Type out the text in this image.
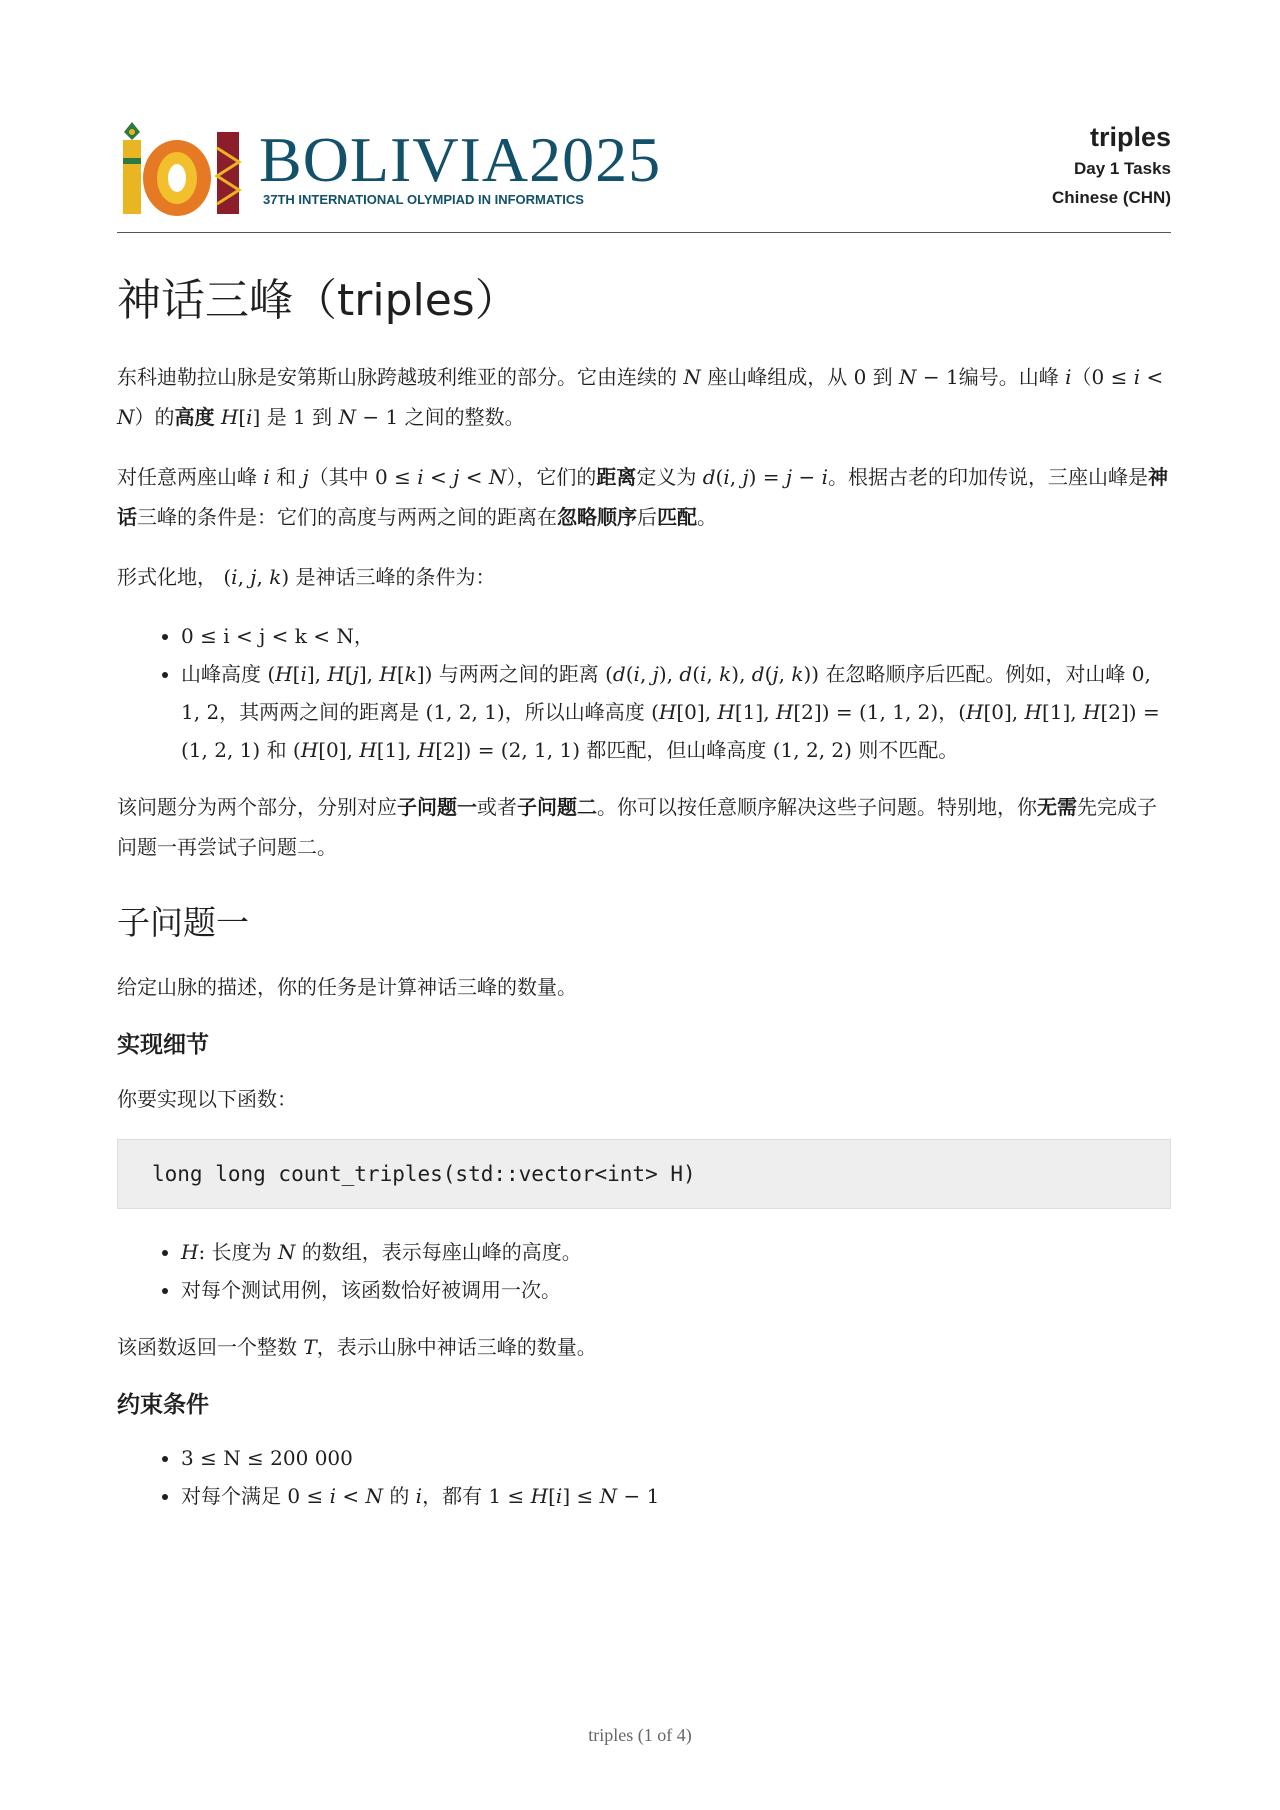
BOLIVIA2025
37TH INTERNATIONAL OLYMPIAD IN INFORMATICS
triples
Day 1 Tasks
Chinese (CHN)
神话三峰（triples）

东科迪勒拉山脉是安第斯山脉跨越玻利维亚的部分。它由连续的 N 座山峰组成，从 0 到 N − 1编号。山峰 i（0 ≤ i < N）的高度 H[i] 是 1 到 N − 1 之间的整数。

对任意两座山峰 i 和 j（其中 0 ≤ i < j < N），它们的距离定义为 d(i, j) = j − i。根据古老的印加传说，三座山峰是神话三峰的条件是：它们的高度与两两之间的距离在忽略顺序后匹配。

形式化地， (i, j, k) 是神话三峰的条件为：

• 0 ≤ i < j < k < N，
• 山峰高度 (H[i], H[j], H[k]) 与两两之间的距离 (d(i, j), d(i, k), d(j, k)) 在忽略顺序后匹配。例如，对山峰 0, 1, 2，其两两之间的距离是 (1, 2, 1)，所以山峰高度 (H[0], H[1], H[2]) = (1, 1, 2)，(H[0], H[1], H[2]) = (1, 2, 1) 和 (H[0], H[1], H[2]) = (2, 1, 1) 都匹配，但山峰高度 (1, 2, 2) 则不匹配。

该问题分为两个部分，分别对应子问题一或者子问题二。你可以按任意顺序解决这些子问题。特别地，你无需先完成子问题一再尝试子问题二。

子问题一

给定山脉的描述，你的任务是计算神话三峰的数量。

实现细节

你要实现以下函数：

long long count_triples(std::vector<int> H)
• H: 长度为 N 的数组，表示每座山峰的高度。
• 对每个测试用例，该函数恰好被调用一次。

该函数返回一个整数 T，表示山脉中神话三峰的数量。

约束条件
• 3 ≤ N ≤ 200 000
• 对每个满足 0 ≤ i < N 的 i，都有 1 ≤ H[i] ≤ N − 1
triples (1 of 4)
